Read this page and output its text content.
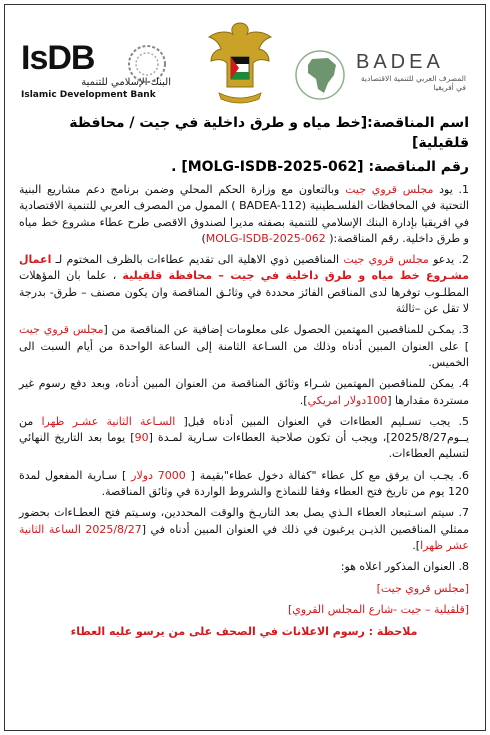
IsDB
البنك الإسلامي للتنمية
Islamic Development Bank
BADEA
المصرف العربي للتنمية الاقتصادية في أفريقيا
اسم المناقصة:[خط مياه و طرق داخلية في جيت / محافظة قلقيلية]
رقم المناقصة: [MOLG-ISDB-2025-062] .

1. يود مجلس قروي جيت وبالتعاون مع وزارة الحكم المحلي وضمن برنامج دعم مشاريع البنية التحتية في المحافظات الفلسـطينية (BADEA-112 ) الممول من المصرف العربي للتنمية الاقتصادية في افريقيا بإدارة البنك الإسلامي للتنمية بصفته مديرا لصندوق الاقصى طرح عطاء مشروع خط مياه و طرق داخلية. رقم المناقصة:( MOLG-ISDB-2025-062)

2. يدعو مجلس قروي جيت المناقصين ذوي الاهلية الى تقديم عطاءات بالظرف المختوم لـ اعمال مشـروع خط مياه و طرق داخلية في جيت – محافظة قلقيلية ، علما بان المؤهلات المطلـوب توفرها لدى المناقص الفائز محددة في وثائـق المناقصة وان يكون مصنف – طرق- بدرجة لا تقل عن –ثالثة

3. يمكـن للمناقصين المهتمين الحصول على معلومات إضافية عن المناقصة من [مجلس قروي جيت ] على العنوان المبين أدناه وذلك من السـاعة الثامنة إلى الساعة الواحدة من أيام السبت الى الخميس.

4. يمكن للمناقصين المهتمين شـراء وثائق المناقصة من العنوان المبين أدناه، وبعد دفع رسوم غير مستردة مقدارها [100دولار امريكي].

5. يجب تسـليم العطاءات في العنوان المبين أدناه قبل[ السـاعة الثانية عشـر ظهرا من يــوم2025/8/27]، ويجب أن تكون صلاحية العطاءات سـارية لمـدة [90] يوما بعد التاريخ النهائي لتسليم العطاءات.

6. يجـب ان يرفق مع كل عطاء "كفالة دخول عطاء"بقيمة [ 7000 دولار ] سـارية المفعول لمدة 120 يوم من تاريخ فتح العطاء وفقا للنماذج والشروط الواردة في وثائق المناقصة.

7. سيتم اسـتبعاد العطاء الـذي يصل بعد التاريـخ والوقت المحددين، وسـيتم فتح العطـاءات بحضور ممثلي المناقصين الذيـن يرغبون في ذلك في العنوان المبين أدناه في [2025/8/27 الساعة الثانية عشر ظهرا].

8. العنوان المذكور اعلاه هو:

[مجلس قروي جيت]
[قلقيلية – جيت -شارع المجلس القروي]
ملاحظة : رسوم الاعلانات في الصحف على من يرسو عليه العطاء
